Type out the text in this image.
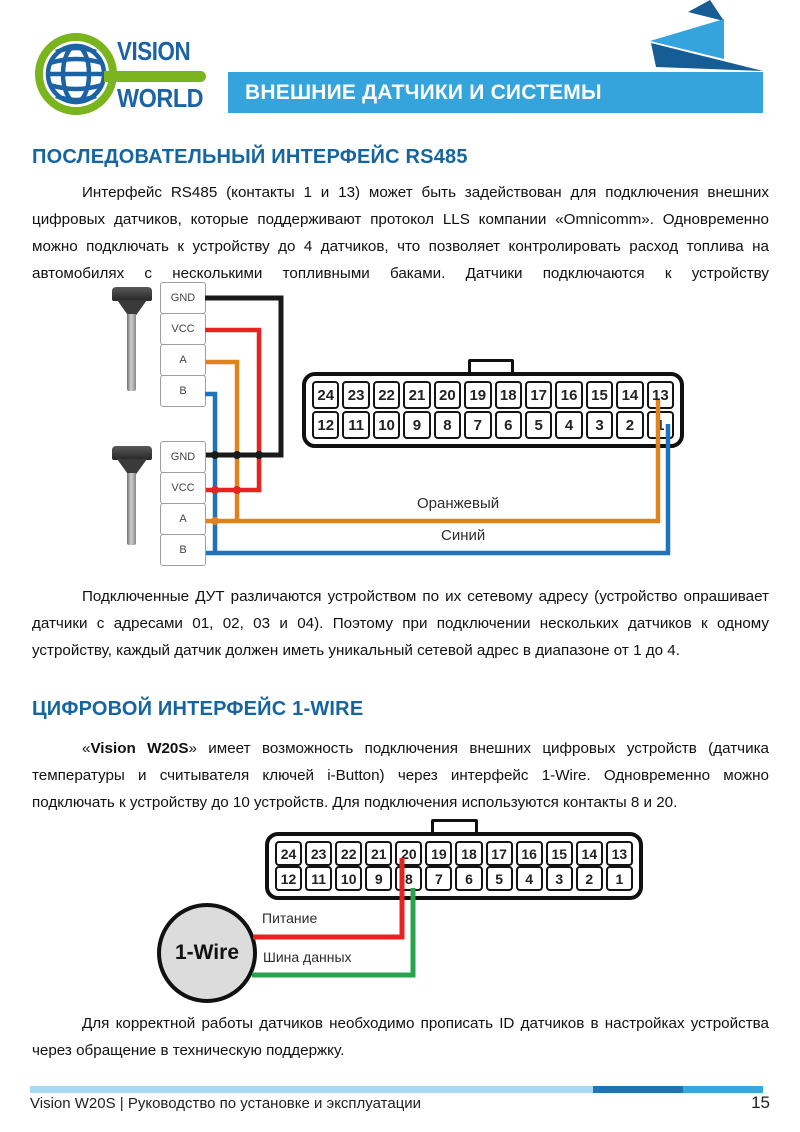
VISION
WORLD	ВНЕШНИЕ ДАТЧИКИ И СИСТЕМЫ
ПОСЛЕДОВАТЕЛЬНЫЙ ИНТЕРФЕЙС RS485
Интерфейс RS485 (контакты 1 и 13) может быть задействован для подключения внешних цифровых датчиков, которые поддерживают протокол LLS компании «Omnicomm». Одновременно можно подключать к устройству до 4 датчиков, что позволяет контролировать расход топлива на автомобилях с несколькими топливными баками. Датчики подключаются к устройству
GND
VCC
A
B
GND
VCC
A
B
24 23 22 21 20 19 18 17 16 15 14 13
12 11 10	9	8	7	6	5	4	3	2	1
Оранжевый
Синий
Подключенные ДУТ различаются устройством по их сетевому адресу (устройство опрашивает датчики с адресами 01, 02, 03 и 04). Поэтому при подключении нескольких датчиков к одному устройству, каждый датчик должен иметь уникальный сетевой адрес в диапазоне от 1 до 4.
ЦИФРОВОЙ ИНТЕРФЕЙС 1-WIRE
«Vision W20S» имеет возможность подключения внешних цифровых устройств (датчика температуры и считывателя ключей i-Button) через интерфейс 1-Wire. Одновременно можно подключать к устройству до 10 устройств. Для подключения используются контакты 8 и 20.
24	23	22	21	20	19	18	17	16	15	14	13
12	11	10	9	8	7	6	5	4	3	2	1
1-Wire
Питание
Шина данных
Для корректной работы датчиков необходимо прописать ID датчиков в настройках устройства через обращение в техническую поддержку.
Vision W20S | Руководство по установке и эксплуатации	15
